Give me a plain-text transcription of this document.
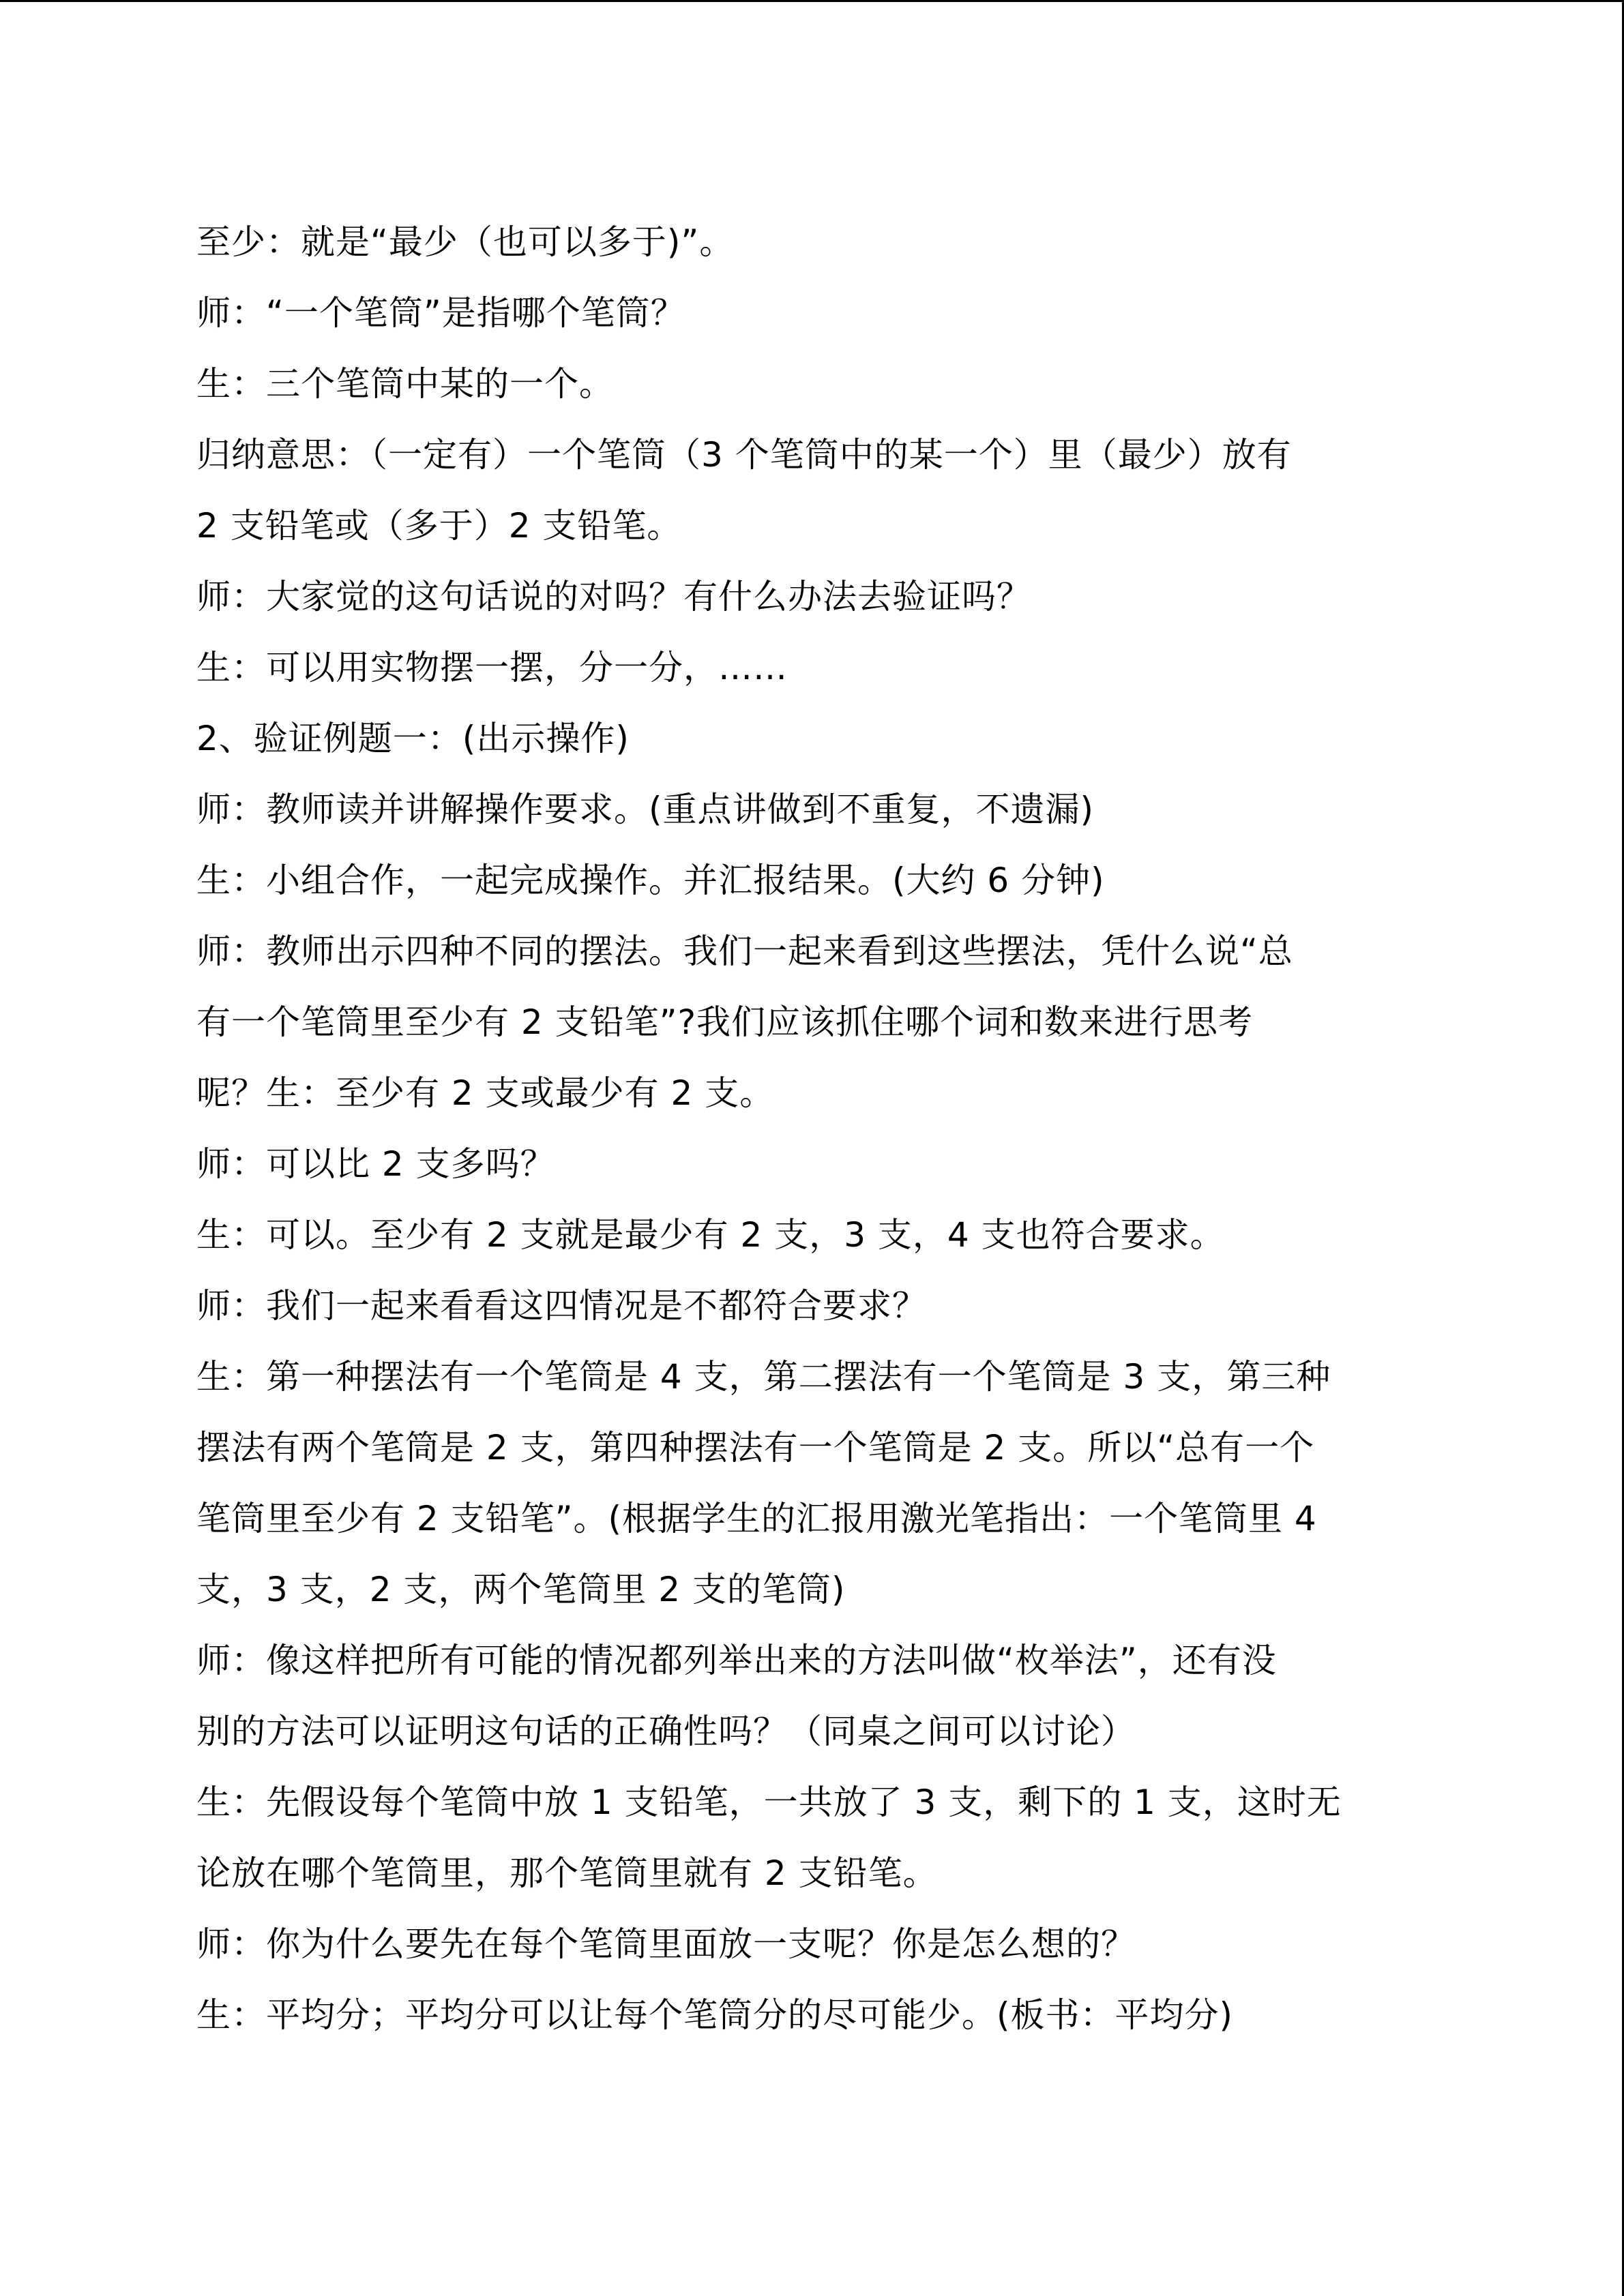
至少：就是“最少（也可以多于)”。
师：“一个笔筒”是指哪个笔筒？
生：三个笔筒中某的一个。
归纳意思：（一定有）一个笔筒（3 个笔筒中的某一个）里（最少）放有
2 支铅笔或（多于）2 支铅笔。
师：大家觉的这句话说的对吗？有什么办法去验证吗？
生：可以用实物摆一摆，分一分，……
2、验证例题一：(出示操作)
师：教师读并讲解操作要求。(重点讲做到不重复，不遗漏)
生：小组合作，一起完成操作。并汇报结果。(大约 6 分钟)
师：教师出示四种不同的摆法。我们一起来看到这些摆法，凭什么说“总
有一个笔筒里至少有 2 支铅笔”?我们应该抓住哪个词和数来进行思考
呢？生：至少有 2 支或最少有 2 支。
师：可以比 2 支多吗？
生：可以。至少有 2 支就是最少有 2 支，3 支，4 支也符合要求。
师：我们一起来看看这四情况是不都符合要求？
生：第一种摆法有一个笔筒是 4 支，第二摆法有一个笔筒是 3 支，第三种
摆法有两个笔筒是 2 支，第四种摆法有一个笔筒是 2 支。所以“总有一个
笔筒里至少有 2 支铅笔”。(根据学生的汇报用激光笔指出：一个笔筒里 4
支，3 支，2 支，两个笔筒里 2 支的笔筒)
师：像这样把所有可能的情况都列举出来的方法叫做“枚举法”，还有没
别的方法可以证明这句话的正确性吗？（同桌之间可以讨论）
生：先假设每个笔筒中放 1 支铅笔，一共放了 3 支，剩下的 1 支，这时无
论放在哪个笔筒里，那个笔筒里就有 2 支铅笔。
师：你为什么要先在每个笔筒里面放一支呢？你是怎么想的？
生：平均分；平均分可以让每个笔筒分的尽可能少。(板书：平均分)
